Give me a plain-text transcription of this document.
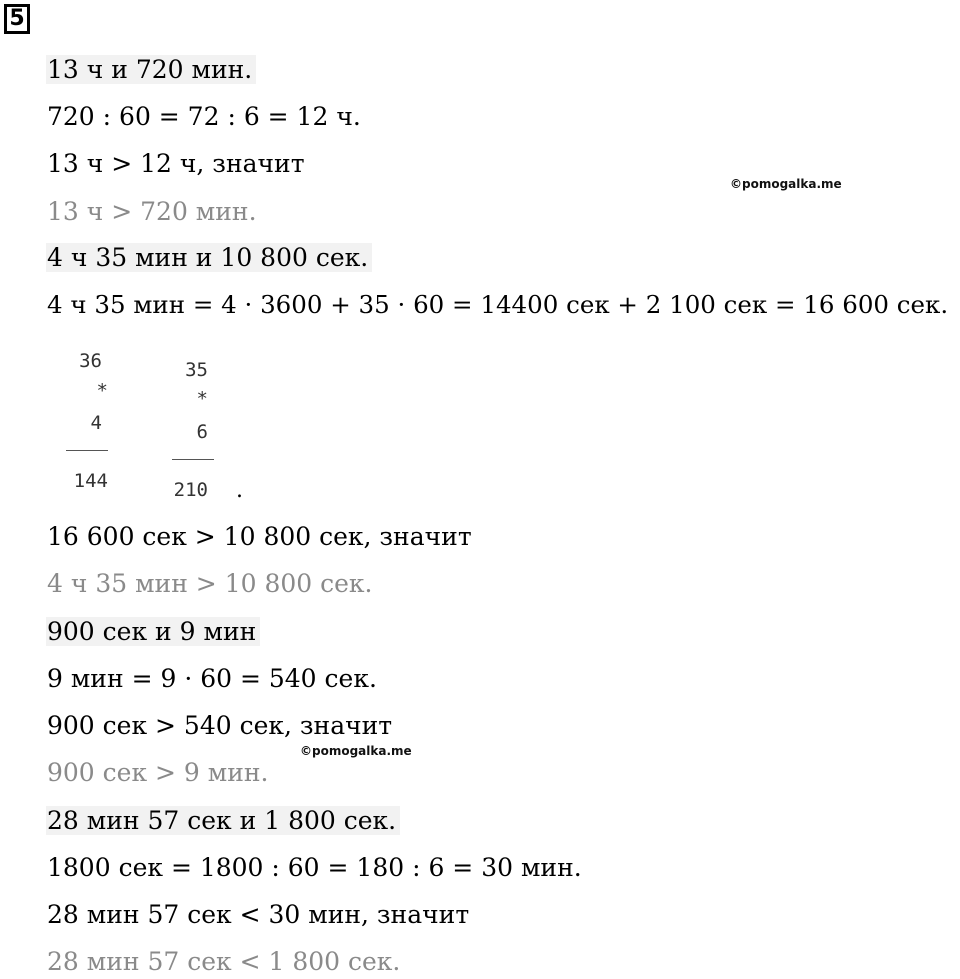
5
13 ч и 720 мин.
720 : 60 = 72 : 6 = 12 ч.
13 ч > 12 ч, значит
13 ч > 720 мин.
©pomogalka.me
4 ч 35 мин и 10 800 сек.
4 ч 35 мин = 4 · 3600 + 35 · 60 = 14400 сек + 2 100 сек = 16 600 сек.
36
*
4
144
35
*
6
210 .
16 600 сек > 10 800 сек, значит
4 ч 35 мин > 10 800 сек.
900 сек и 9 мин
9 мин = 9 · 60 = 540 сек.
900 сек > 540 сек, значит
900 сек > 9 мин.
©pomogalka.me
28 мин 57 сек и 1 800 сек.
1800 сек = 1800 : 60 = 180 : 6 = 30 мин.
28 мин 57 сек < 30 мин, значит
28 мин 57 сек < 1 800 сек.
